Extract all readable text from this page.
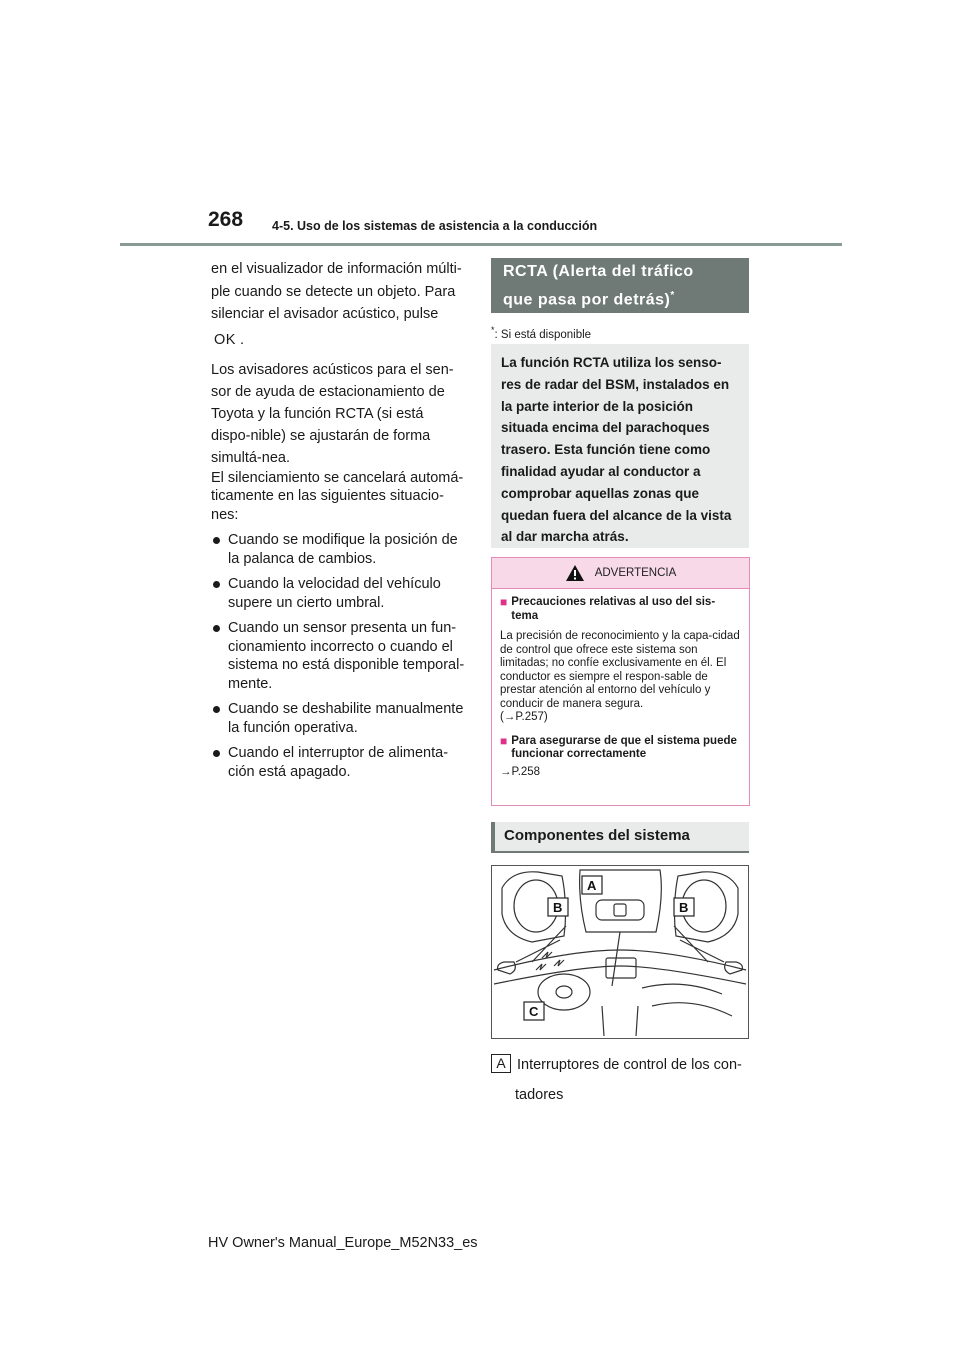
268 4-5. Uso de los sistemas de asistencia a la conducción

en el visualizador de información múlti-ple cuando se detecte un objeto. Para silenciar el avisador acústico, pulse

OK .

Los avisadores acústicos para el sen-sor de ayuda de estacionamiento de Toyota y la función RCTA (si está dispo-nible) se ajustarán de forma simultá-nea.

El silenciamiento se cancelará automá-ticamente en las siguientes situacio-nes:

Cuando se modifique la posición de la palanca de cambios.
Cuando la velocidad del vehículo supere un cierto umbral.
Cuando un sensor presenta un fun-cionamiento incorrecto o cuando el sistema no está disponible temporal-mente.
Cuando se deshabilite manualmente la función operativa.
Cuando el interruptor de alimenta-ción está apagado.
RCTA (Alerta del tráfico
que pasa por detrás)*
*: Si está disponible
La función RCTA utiliza los senso-res de radar del BSM, instalados en la parte interior de la posición situada encima del parachoques trasero. Esta función tiene como finalidad ayudar al conductor a comprobar aquellas zonas que quedan fuera del alcance de la vista al dar marcha atrás.
ADVERTENCIA
■ Precauciones relativas al uso del sis-tema
La precisión de reconocimiento y la capa-cidad de control que ofrece este sistema son limitadas; no confíe exclusivamente en él. El conductor es siempre el respon-sable de prestar atención al entorno del vehículo y conducir de manera segura.
(→P.257)
■ Para asegurarse de que el sistema puede funcionar correctamente
→P.258
Componentes del sistema
B	B
A
C
A Interruptores de control de los con-
tadores
HV Owner's Manual_Europe_M52N33_es
